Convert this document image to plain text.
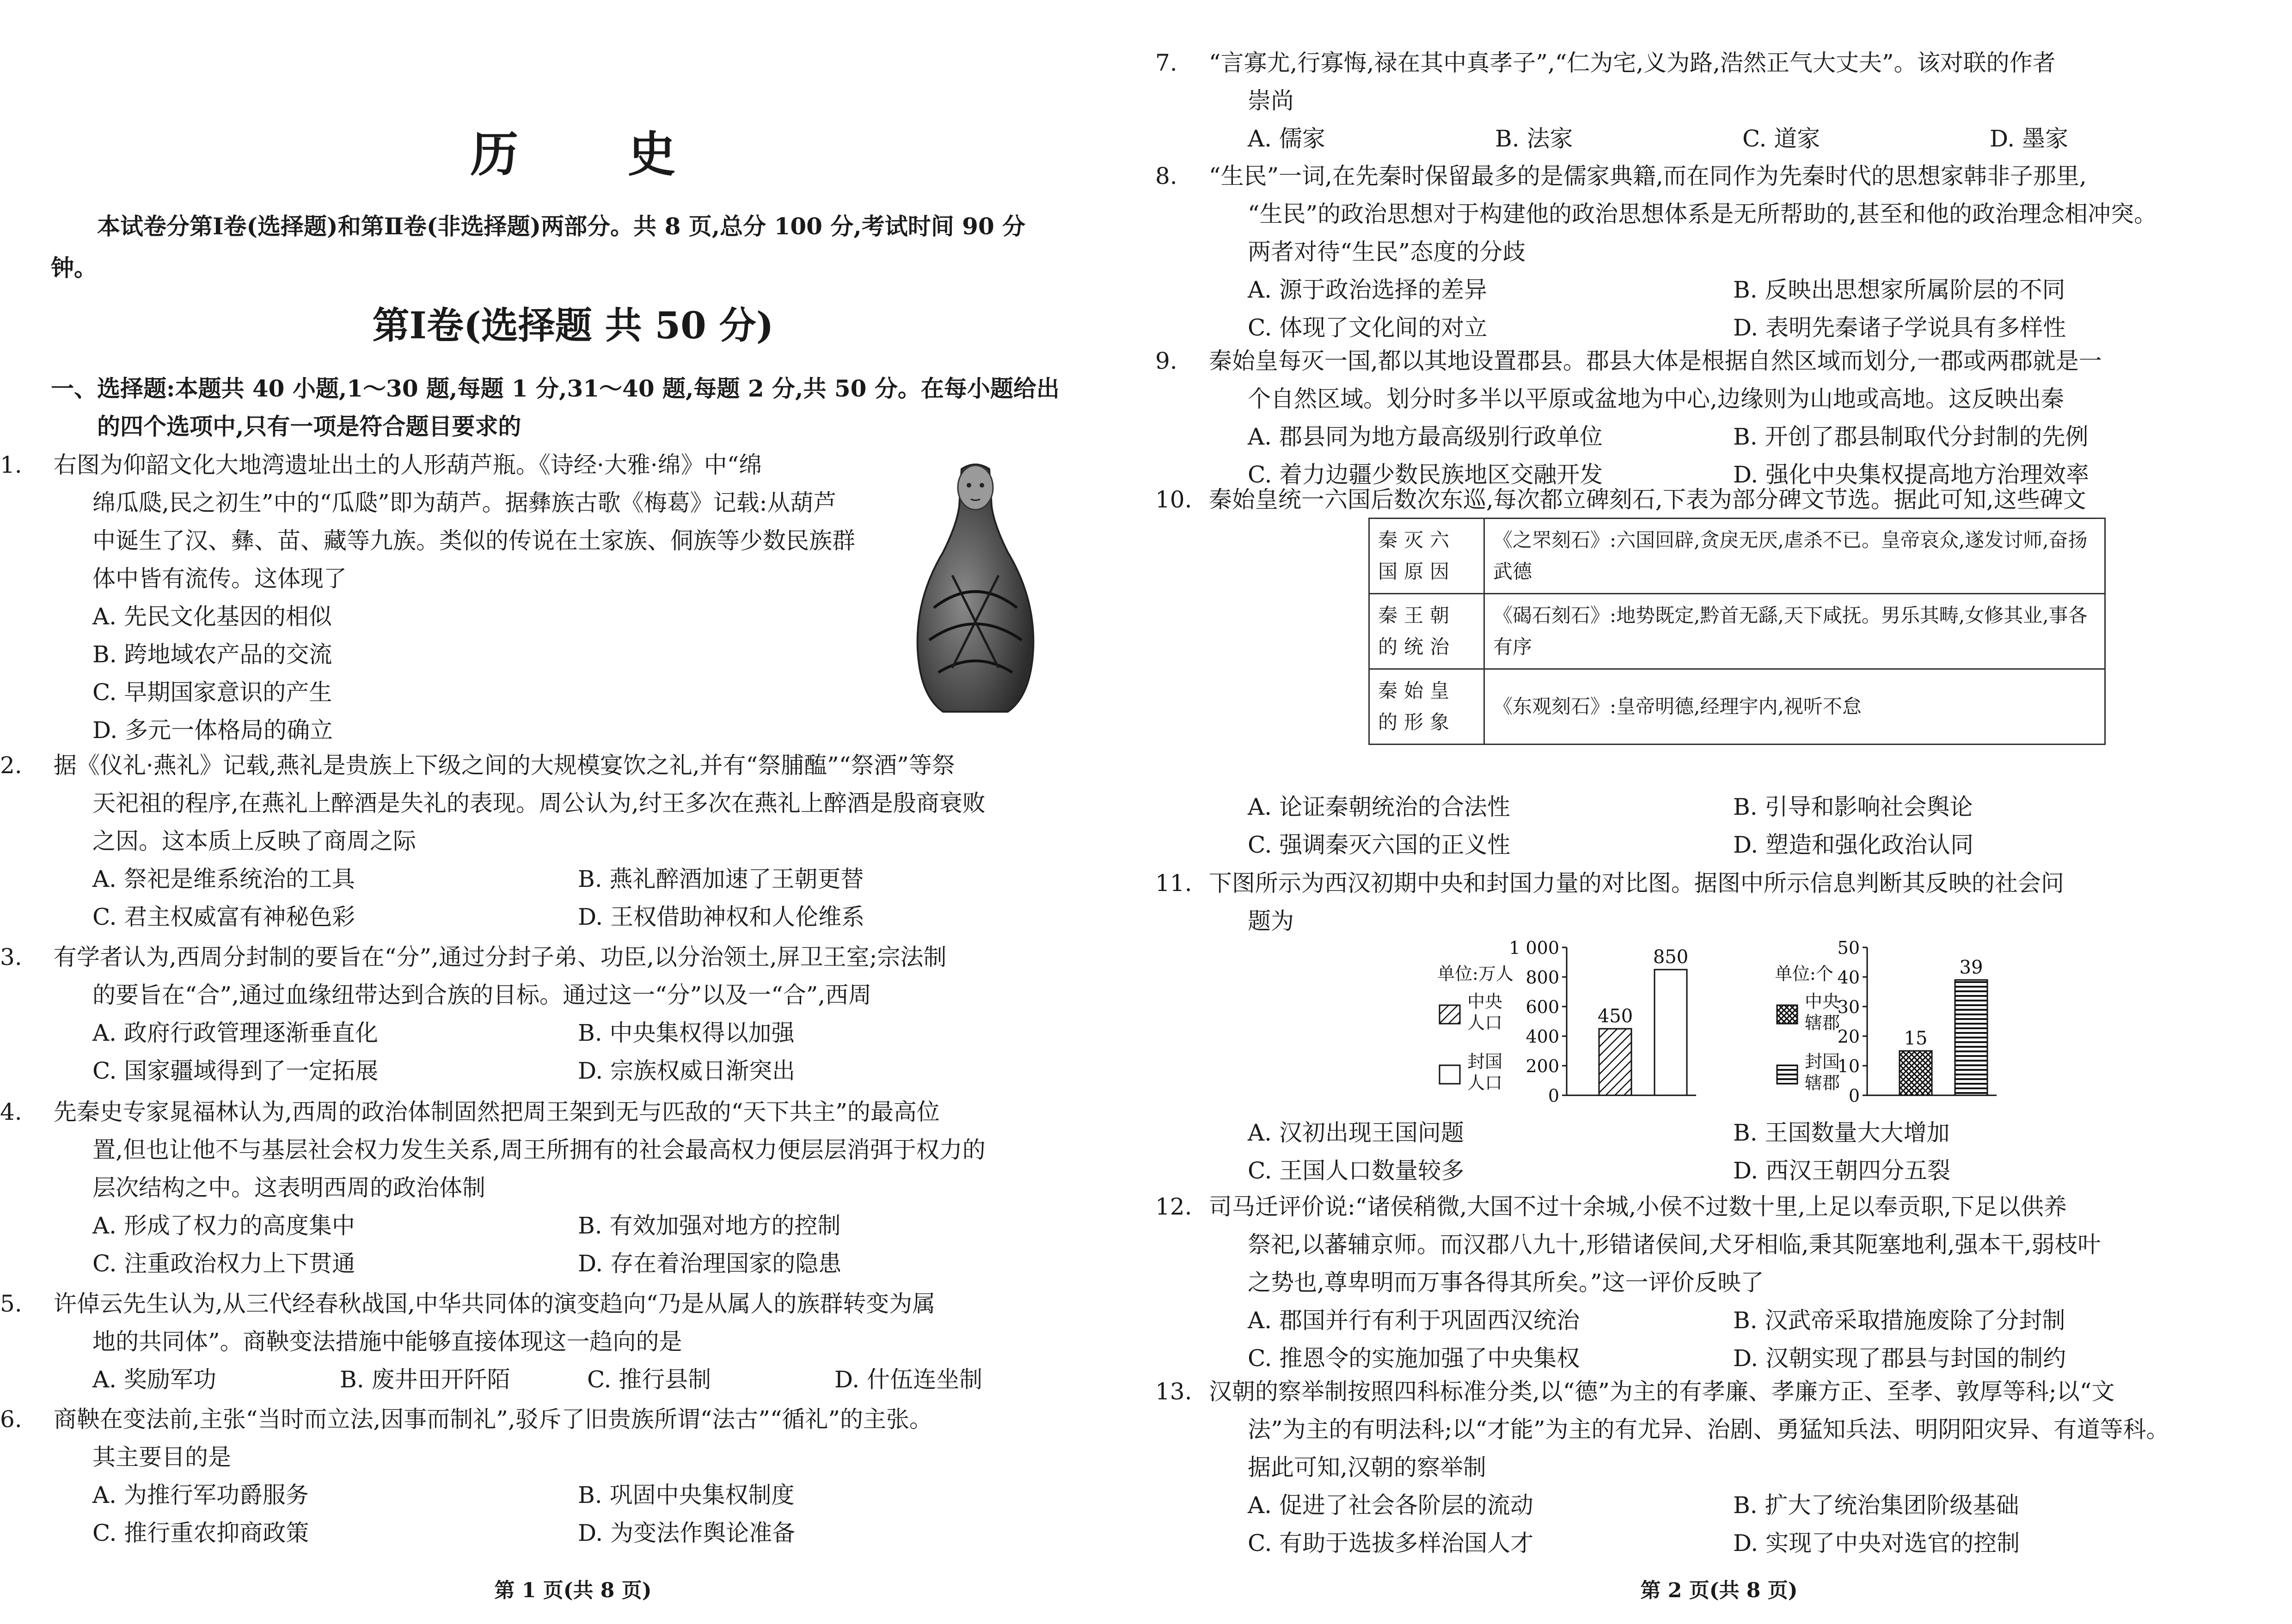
历 史
本试卷分第Ⅰ卷(选择题)和第Ⅱ卷(非选择题)两部分。共 8 页,总分 100 分,考试时间 90 分钟。
第Ⅰ卷(选择题 共 50 分)
一、选择题:本题共 40 小题,1～30 题,每题 1 分,31～40 题,每题 2 分,共 50 分。在每小题给出
的四个选项中,只有一项是符合题目要求的
1. 右图为仰韶文化大地湾遗址出土的人形葫芦瓶。《诗经·大雅·绵》中“绵
绵瓜瓞,民之初生”中的“瓜瓞”即为葫芦。据彝族古歌《梅葛》记载:从葫芦
中诞生了汉、彝、苗、藏等九族。类似的传说在土家族、侗族等少数民族群
体中皆有流传。这体现了
A. 先民文化基因的相似
B. 跨地域农产品的交流
C. 早期国家意识的产生
D. 多元一体格局的确立
2. 据《仪礼·燕礼》记载,燕礼是贵族上下级之间的大规模宴饮之礼,并有“祭脯醢”“祭酒”等祭
天祀祖的程序,在燕礼上醉酒是失礼的表现。周公认为,纣王多次在燕礼上醉酒是殷商衰败
之因。这本质上反映了商周之际
A. 祭祀是维系统治的工具	B. 燕礼醉酒加速了王朝更替
C. 君主权威富有神秘色彩	D. 王权借助神权和人伦维系
3. 有学者认为,西周分封制的要旨在“分”,通过分封子弟、功臣,以分治领土,屏卫王室;宗法制
的要旨在“合”,通过血缘纽带达到合族的目标。通过这一“分”以及一“合”,西周
A. 政府行政管理逐渐垂直化	B. 中央集权得以加强
C. 国家疆域得到了一定拓展	D. 宗族权威日渐突出
4. 先秦史专家晁福林认为,西周的政治体制固然把周王架到无与匹敌的“天下共主”的最高位
置,但也让他不与基层社会权力发生关系,周王所拥有的社会最高权力便层层消弭于权力的
层次结构之中。这表明西周的政治体制
A. 形成了权力的高度集中	B. 有效加强对地方的控制
C. 注重政治权力上下贯通	D. 存在着治理国家的隐患
5. 许倬云先生认为,从三代经春秋战国,中华共同体的演变趋向“乃是从属人的族群转变为属
地的共同体”。商鞅变法措施中能够直接体现这一趋向的是
A. 奖励军功	B. 废井田开阡陌	C. 推行县制	D. 什伍连坐制
6. 商鞅在变法前,主张“当时而立法,因事而制礼”,驳斥了旧贵族所谓“法古”“循礼”的主张。
其主要目的是
A. 为推行军功爵服务	B. 巩固中央集权制度
C. 推行重农抑商政策	D. 为变法作舆论准备
第 1 页(共 8 页)
7. “言寡尤,行寡悔,禄在其中真孝子”,“仁为宅,义为路,浩然正气大丈夫”。该对联的作者
崇尚
A. 儒家	B. 法家	C. 道家	D. 墨家
8. “生民”一词,在先秦时保留最多的是儒家典籍,而在同作为先秦时代的思想家韩非子那里,
“生民”的政治思想对于构建他的政治思想体系是无所帮助的,甚至和他的政治理念相冲突。
两者对待“生民”态度的分歧
A. 源于政治选择的差异	B. 反映出思想家所属阶层的不同
C. 体现了文化间的对立	D. 表明先秦诸子学说具有多样性
9. 秦始皇每灭一国,都以其地设置郡县。郡县大体是根据自然区域而划分,一郡或两郡就是一
个自然区域。划分时多半以平原或盆地为中心,边缘则为山地或高地。这反映出秦
A. 郡县同为地方最高级别行政单位	B. 开创了郡县制取代分封制的先例
C. 着力边疆少数民族地区交融开发	D. 强化中央集权提高地方治理效率
10. 秦始皇统一六国后数次东巡,每次都立碑刻石,下表为部分碑文节选。据此可知,这些碑文
秦灭六国原因	《之罘刻石》:六国回辟,贪戾无厌,虐杀不已。皇帝哀众,遂发讨师,奋扬武德
秦王朝的统治	《碣石刻石》:地势既定,黔首无繇,天下咸抚。男乐其畴,女修其业,事各有序
秦始皇的形象	《东观刻石》:皇帝明德,经理宇内,视听不怠
A. 论证秦朝统治的合法性	B. 引导和影响社会舆论
C. 强调秦灭六国的正义性	D. 塑造和强化政治认同
11. 下图所示为西汉初期中央和封国力量的对比图。据图中所示信息判断其反映的社会问
题为
0
200
400
600
800
1 000
单位:万人
中央
人口
封国
人口
450
850
0
10
20
30
40
50
单位:个
中央
辖郡
封国
辖郡
15
39
A. 汉初出现王国问题	B. 王国数量大大增加
C. 王国人口数量较多	D. 西汉王朝四分五裂
12. 司马迁评价说:“诸侯稍微,大国不过十余城,小侯不过数十里,上足以奉贡职,下足以供养
祭祀,以蕃辅京师。而汉郡八九十,形错诸侯间,犬牙相临,秉其阨塞地利,强本干,弱枝叶
之势也,尊卑明而万事各得其所矣。”这一评价反映了
A. 郡国并行有利于巩固西汉统治	B. 汉武帝采取措施废除了分封制
C. 推恩令的实施加强了中央集权	D. 汉朝实现了郡县与封国的制约
13. 汉朝的察举制按照四科标准分类,以“德”为主的有孝廉、孝廉方正、至孝、敦厚等科;以“文
法”为主的有明法科;以“才能”为主的有尤异、治剧、勇猛知兵法、明阴阳灾异、有道等科。
据此可知,汉朝的察举制
A. 促进了社会各阶层的流动	B. 扩大了统治集团阶级基础
C. 有助于选拔多样治国人才	D. 实现了中央对选官的控制
第 2 页(共 8 页)
